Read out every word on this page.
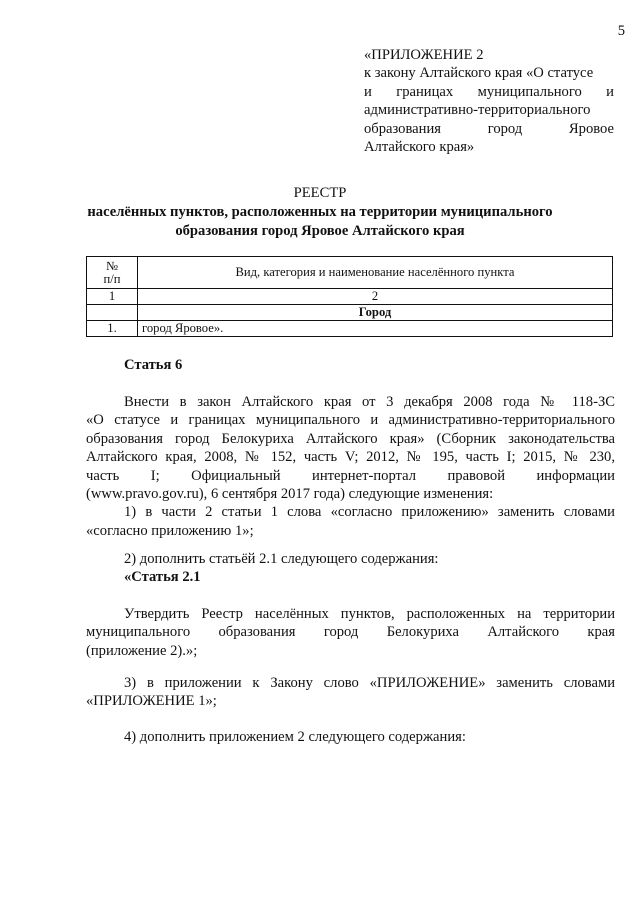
5
«ПРИЛОЖЕНИЕ 2
к закону Алтайского края «О статусе
и границах муниципального и
административно-территориального
образования город Яровое
Алтайского края»
РЕЕСТР
населённых пунктов, расположенных на территории муниципального
образования город Яровое Алтайского края
№
п/п	Вид, категория и наименование населённого пункта
1	2
	Город
1.	город Яровое».

Статья 6

Внести в закон Алтайского края от 3 декабря 2008 года № 118-ЗС

«О статусе и границах муниципального и административно-территориального

образования город Белокуриха Алтайского края» (Сборник законодательства

Алтайского края, 2008, № 152, часть V; 2012, № 195, часть I; 2015, № 230,

часть I; Официальный интернет-портал правовой информации

(www.pravo.gov.ru), 6 сентября 2017 года) следующие изменения:

1) в части 2 статьи 1 слова «согласно приложению» заменить словами

«согласно приложению 1»;

2) дополнить статьёй 2.1 следующего содержания:

«Статья 2.1

Утвердить Реестр населённых пунктов, расположенных на территории

муниципального образования город Белокуриха Алтайского края

(приложение 2).»;

3) в приложении к Закону слово «ПРИЛОЖЕНИЕ» заменить словами

«ПРИЛОЖЕНИЕ 1»;

4) дополнить приложением 2 следующего содержания:
